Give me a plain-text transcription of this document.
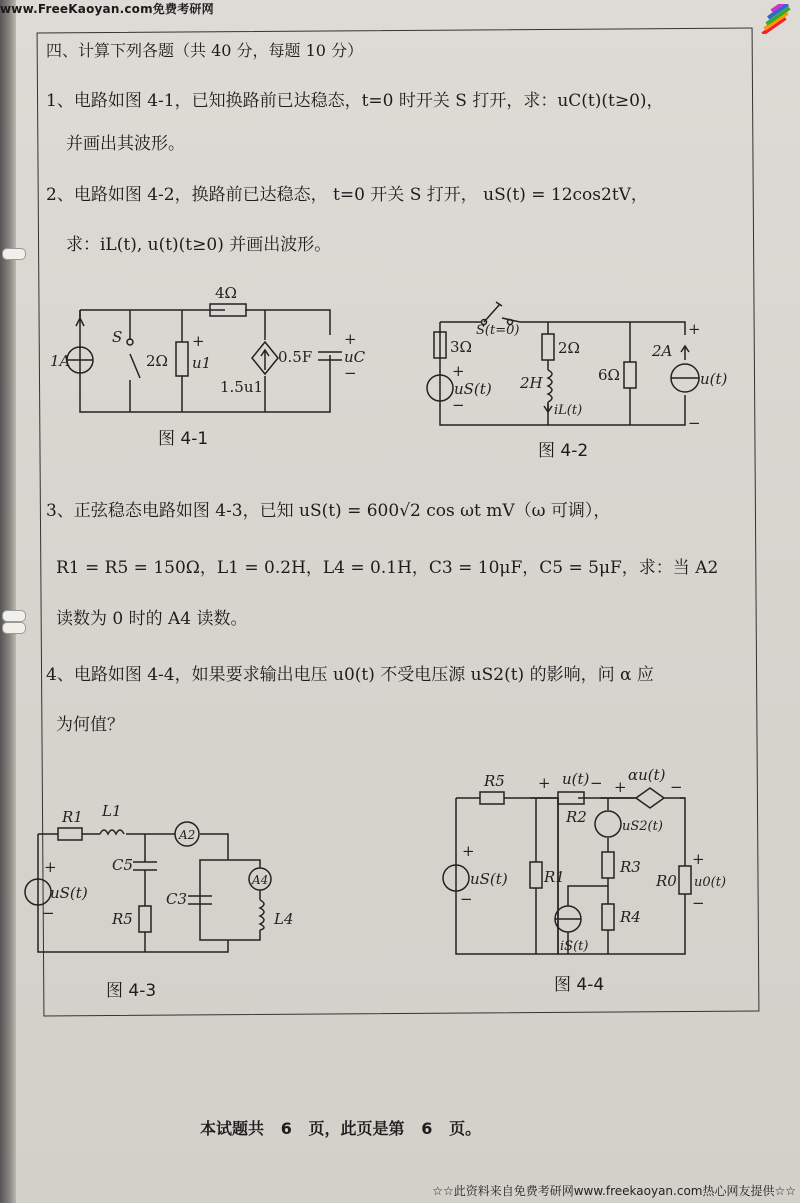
www.FreeKaoyan.com免费考研网
四、计算下列各题（共 40 分，每题 10 分）
1、电路如图 4-1，已知换路前已达稳态，t=0 时开关 S 打开，求：uC(t)(t≥0)，
并画出其波形。
2、电路如图 4-2，换路前已达稳态， t=0 开关 S 打开， uS(t) = 12cos2tV，
求：iL(t), u(t)(t≥0) 并画出波形。
4Ω
1A
S
2Ω
+
u1
1.5u1
0.5F
+
uC
−
图 4-1
S(t=0)
3Ω
+
uS(t)
−
2Ω
2H
iL(t)
6Ω
2A
+
u(t)
−
图 4-2
3、正弦稳态电路如图 4-3，已知 uS(t) = 600√2 cos ωt mV（ω 可调），
R1 = R5 = 150Ω，L1 = 0.2H，L4 = 0.1H，C3 = 10μF，C5 = 5μF，求：当 A2
读数为 0 时的 A4 读数。
4、电路如图 4-4，如果要求输出电压 u0(t) 不受电压源 uS2(t) 的影响，问 α 应
为何值？
R1 L1
A2
+
uS(t)
−
C5
R5
C3
A4
L4
图 4-3
R5 + u(t) − +
αu(t)
−
R2
uS2(t)
R3
R4
iS(t)
+
uS(t)
−
R1	R0
+
u0(t)
−
图 4-4
本试题共   6   页，此页是第   6   页。
☆☆此资料来自免费考研网www.freekaoyan.com热心网友提供☆☆
